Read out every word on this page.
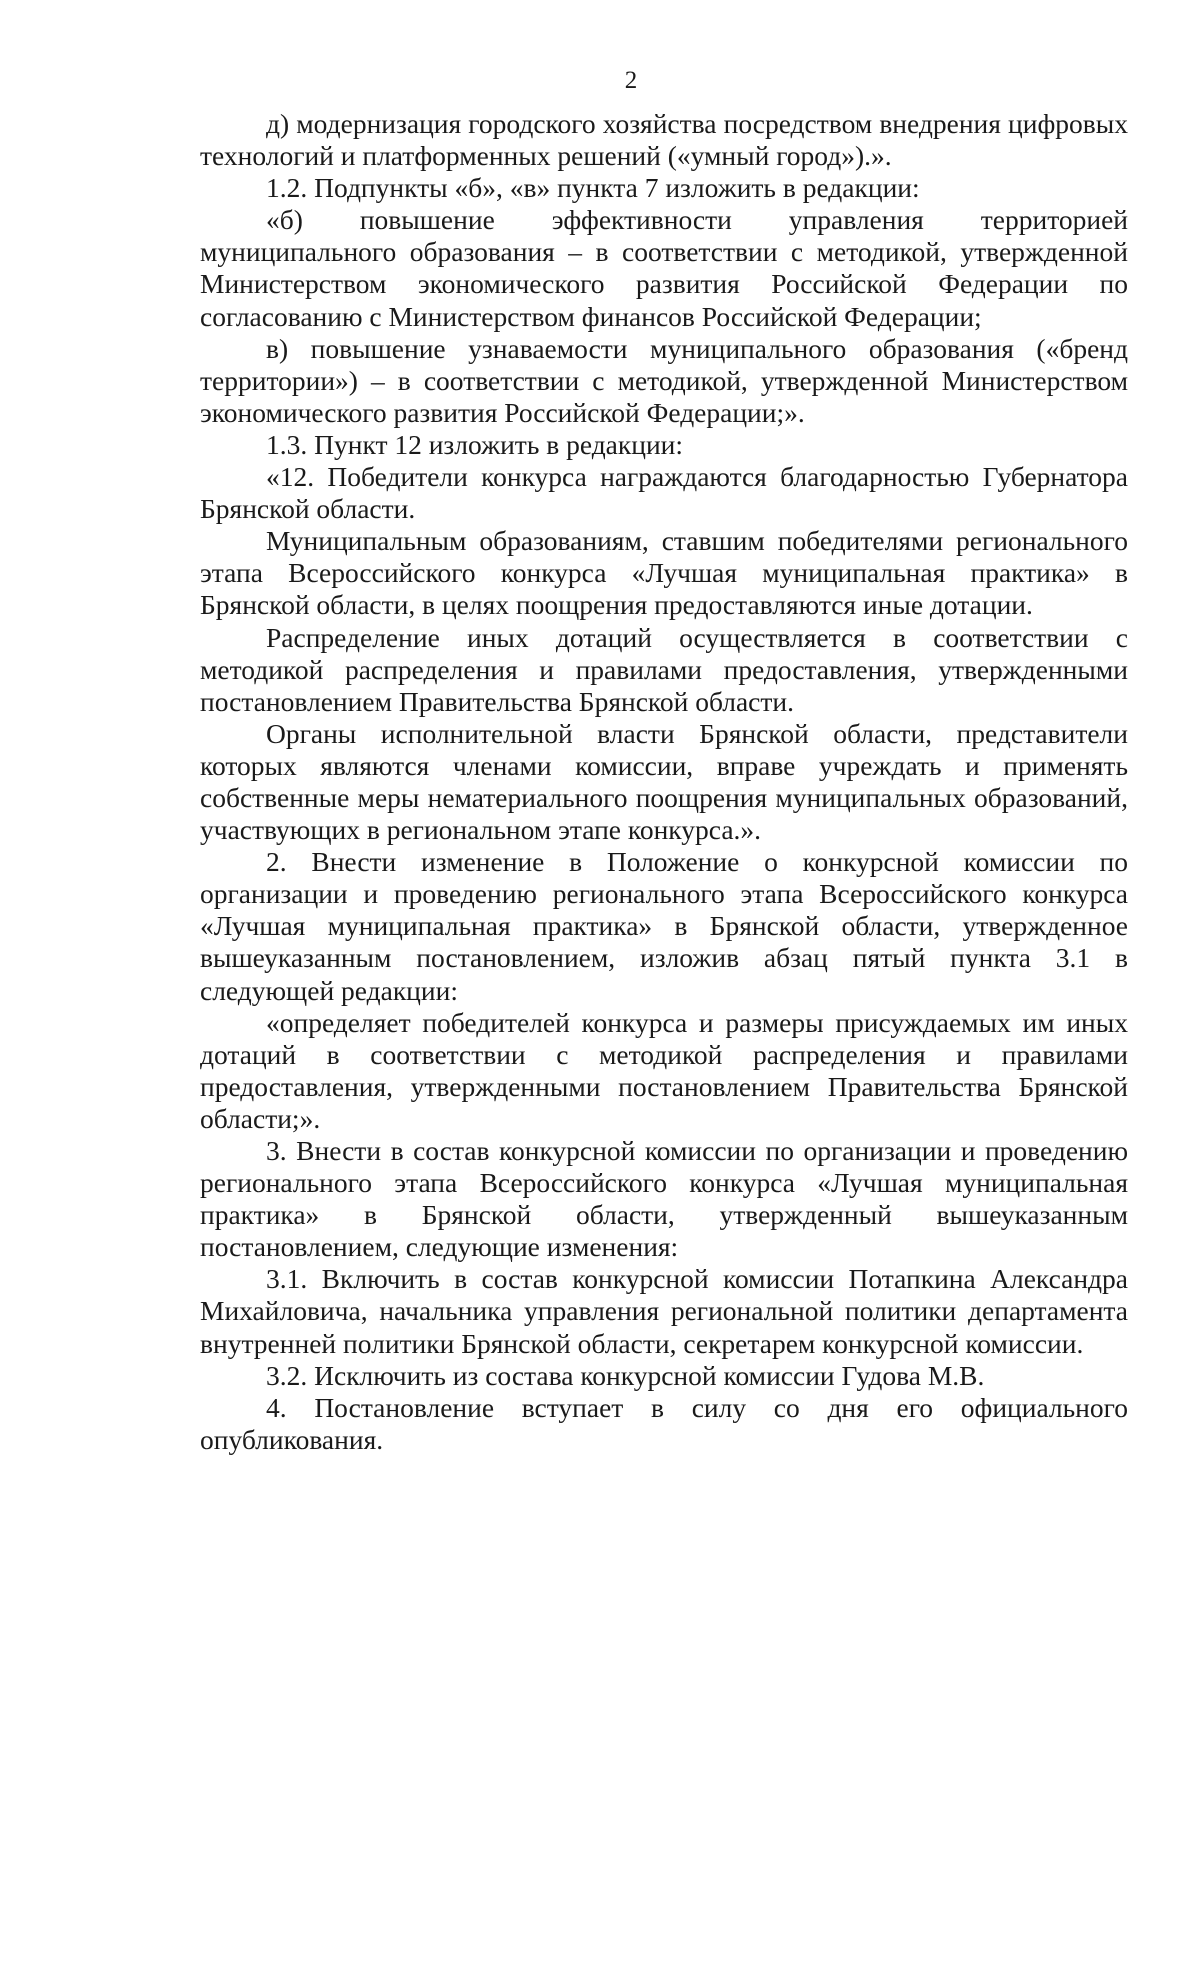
2

д) модернизация городского хозяйства посредством внедрения цифровых технологий и платформенных решений («умный город»).».

1.2. Подпункты «б», «в» пункта 7 изложить в редакции:

«б) повышение эффективности управления территорией муниципального образования – в соответствии с методикой, утвержденной Министерством экономического развития Российской Федерации по согласованию с Министерством финансов Российской Федерации;

в) повышение узнаваемости муниципального образования («бренд территории») – в соответствии с методикой, утвержденной Министерством экономического развития Российской Федерации;».

1.3. Пункт 12 изложить в редакции:

«12. Победители конкурса награждаются благодарностью Губернатора Брянской области.

Муниципальным образованиям, ставшим победителями регионального этапа Всероссийского конкурса «Лучшая муниципальная практика» в Брянской области, в целях поощрения предоставляются иные дотации.

Распределение иных дотаций осуществляется в соответствии с методикой распределения и правилами предоставления, утвержденными постановлением Правительства Брянской области.

Органы исполнительной власти Брянской области, представители которых являются членами комиссии, вправе учреждать и применять собственные меры нематериального поощрения муниципальных образований, участвующих в региональном этапе конкурса.».

2. Внести изменение в Положение о конкурсной комиссии по организации и проведению регионального этапа Всероссийского конкурса «Лучшая муниципальная практика» в Брянской области, утвержденное вышеуказанным постановлением, изложив абзац пятый пункта 3.1 в следующей редакции:

«определяет победителей конкурса и размеры присуждаемых им иных дотаций в соответствии с методикой распределения и правилами предоставления, утвержденными постановлением Правительства Брянской области;».

3. Внести в состав конкурсной комиссии по организации и проведению регионального этапа Всероссийского конкурса «Лучшая муниципальная практика» в Брянской области, утвержденный вышеуказанным постановлением, следующие изменения:

3.1. Включить в состав конкурсной комиссии Потапкина Александра Михайловича, начальника управления региональной политики департамента внутренней политики Брянской области, секретарем конкурсной комиссии.

3.2. Исключить из состава конкурсной комиссии Гудова М.В.

4. Постановление вступает в силу со дня его официального опубликования.
